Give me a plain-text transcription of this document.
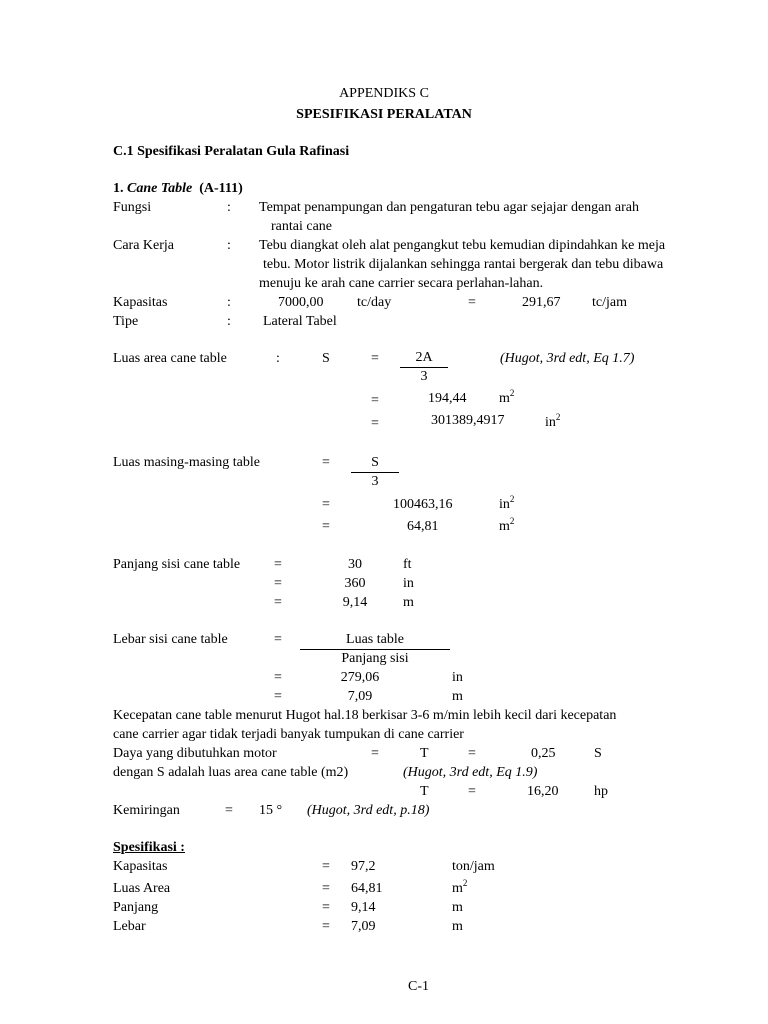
APPENDIKS C
SPESIFIKASI PERALATAN
C.1 Spesifikasi Peralatan Gula Rafinasi
1. Cane Table (A-111)
Fungsi	: Tempat penampungan dan pengaturan tebu agar sejajar dengan arah
rantai cane
Cara Kerja	: Tebu diangkat oleh alat pengangkut tebu kemudian dipindahkan ke meja
tebu. Motor listrik dijalankan sehingga rantai bergerak dan tebu dibawa
menuju ke arah cane carrier secara perlahan-lahan.
Kapasitas	:	7000,00 tc/day	=	291,67 tc/jam
Tipe	: Lateral Tabel
Luas area cane table	:	S	=	2A
3
(Hugot, 3rd edt, Eq 1.7)
=	194,44 $m^2$
=	301389,4917	$in^2$
Luas masing-masing table	=	S
3
=	100463,16	$in^2$
=	64,81	$m^2$
Panjang sisi cane table =	30	ft
=	360	in
=	9,14	m
Lebar sisi cane table	=	Luas table
Panjang sisi
=	279,06	in
=	7,09	m
Kecepatan cane table menurut Hugot hal.18 berkisar 3-6 m/min lebih kecil dari kecepatan
cane carrier agar tidak terjadi banyak tumpukan di cane carrier
Daya yang dibutuhkan motor	=	T	=	0,25	S
dengan S adalah luas area cane table (m2)	(Hugot, 3rd edt, Eq 1.9)
T	=	16,20	hp
Kemiringan	= 15 ° (Hugot, 3rd edt, p.18)
Spesifikasi :
Kapasitas	= 97,2	ton/jam
Luas Area	= 64,81	$m^2$
Panjang	= 9,14	m
Lebar	= 7,09	m
C-1
